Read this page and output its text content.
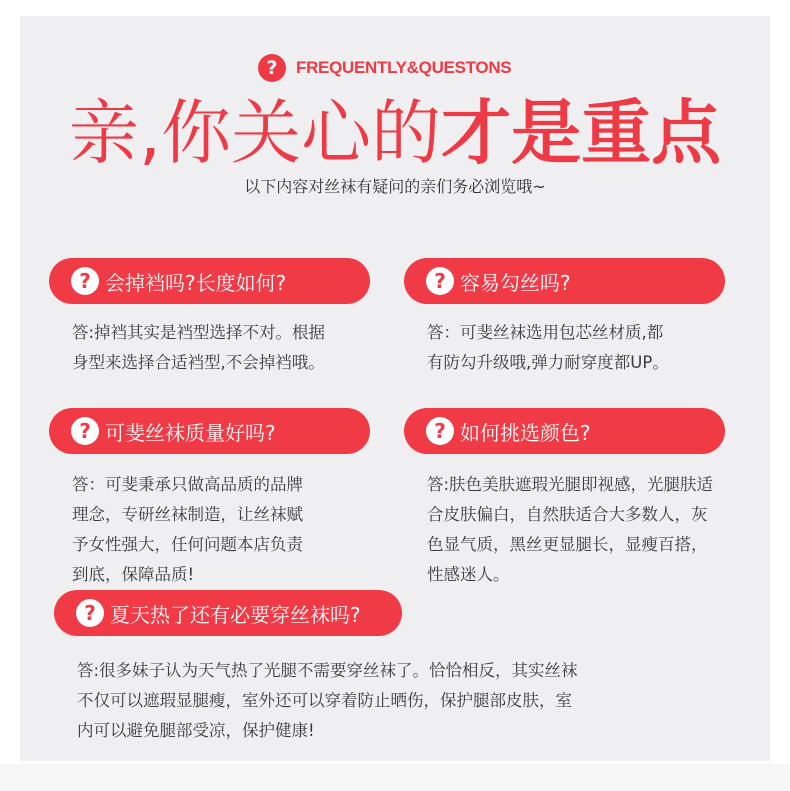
?	FREQUENTLY&QUESTONS
亲,你关心的才是重点
以下内容对丝袜有疑问的亲们务必浏览哦~
? 会掉裆吗?长度如何?
答:掉裆其实是裆型选择不对。根据
身型来选择合适裆型,不会掉裆哦。
? 容易勾丝吗?
答：可斐丝袜选用包芯丝材质,都
有防勾升级哦,弹力耐穿度都UP。
? 可斐丝袜质量好吗?
答：可斐秉承只做高品质的品牌
理念，专研丝袜制造，让丝袜赋
予女性强大，任何问题本店负责
到底，保障品质!
? 如何挑选颜色?
答:肤色美肤遮瑕光腿即视感，光腿肤适
合皮肤偏白，自然肤适合大多数人，灰
色显气质，黑丝更显腿长，显瘦百搭，
性感迷人。
? 夏天热了还有必要穿丝袜吗?
答:很多妹子认为天气热了光腿不需要穿丝袜了。恰恰相反，其实丝袜
不仅可以遮瑕显腿瘦，室外还可以穿着防止晒伤，保护腿部皮肤，室
内可以避免腿部受凉，保护健康!
